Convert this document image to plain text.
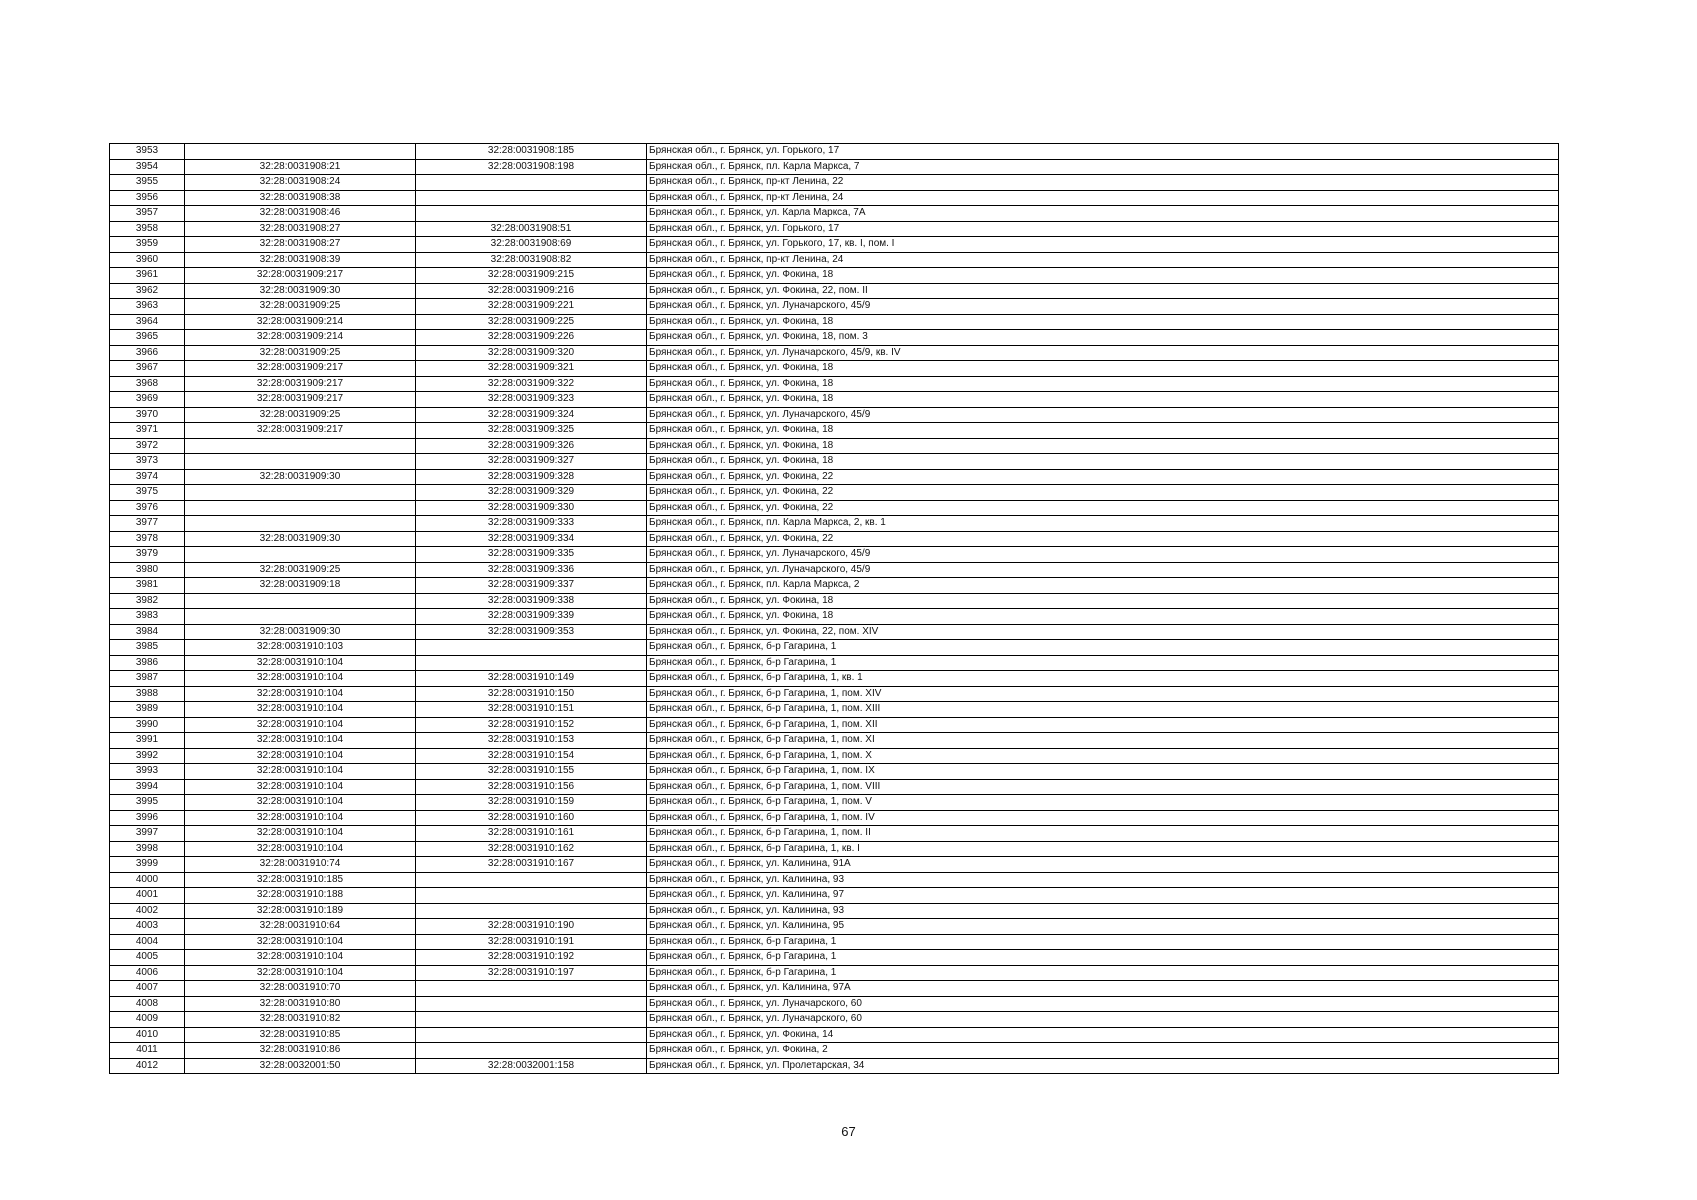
3953		32:28:0031908:185	Брянская обл., г. Брянск, ул. Горького, 17
3954	32:28:0031908:21	32:28:0031908:198	Брянская обл., г. Брянск, пл. Карла Маркса, 7
3955	32:28:0031908:24		Брянская обл., г. Брянск, пр-кт Ленина, 22
3956	32:28:0031908:38		Брянская обл., г. Брянск, пр-кт Ленина, 24
3957	32:28:0031908:46		Брянская обл., г. Брянск, ул. Карла Маркса, 7А
3958	32:28:0031908:27	32:28:0031908:51	Брянская обл., г. Брянск, ул. Горького, 17
3959	32:28:0031908:27	32:28:0031908:69	Брянская обл., г. Брянск, ул. Горького, 17, кв. I, пом. I
3960	32:28:0031908:39	32:28:0031908:82	Брянская обл., г. Брянск, пр-кт Ленина, 24
3961	32:28:0031909:217	32:28:0031909:215	Брянская обл., г. Брянск, ул. Фокина, 18
3962	32:28:0031909:30	32:28:0031909:216	Брянская обл., г. Брянск, ул. Фокина, 22, пом. II
3963	32:28:0031909:25	32:28:0031909:221	Брянская обл., г. Брянск, ул. Луначарского, 45/9
3964	32:28:0031909:214	32:28:0031909:225	Брянская обл., г. Брянск, ул. Фокина, 18
3965	32:28:0031909:214	32:28:0031909:226	Брянская обл., г. Брянск, ул. Фокина, 18, пом. 3
3966	32:28:0031909:25	32:28:0031909:320	Брянская обл., г. Брянск, ул. Луначарского, 45/9, кв. IV
3967	32:28:0031909:217	32:28:0031909:321	Брянская обл., г. Брянск, ул. Фокина, 18
3968	32:28:0031909:217	32:28:0031909:322	Брянская обл., г. Брянск, ул. Фокина, 18
3969	32:28:0031909:217	32:28:0031909:323	Брянская обл., г. Брянск, ул. Фокина, 18
3970	32:28:0031909:25	32:28:0031909:324	Брянская обл., г. Брянск, ул. Луначарского, 45/9
3971	32:28:0031909:217	32:28:0031909:325	Брянская обл., г. Брянск, ул. Фокина, 18
3972		32:28:0031909:326	Брянская обл., г. Брянск, ул. Фокина, 18
3973		32:28:0031909:327	Брянская обл., г. Брянск, ул. Фокина, 18
3974	32:28:0031909:30	32:28:0031909:328	Брянская обл., г. Брянск, ул. Фокина, 22
3975		32:28:0031909:329	Брянская обл., г. Брянск, ул. Фокина, 22
3976		32:28:0031909:330	Брянская обл., г. Брянск, ул. Фокина, 22
3977		32:28:0031909:333	Брянская обл., г. Брянск, пл. Карла Маркса, 2, кв. 1
3978	32:28:0031909:30	32:28:0031909:334	Брянская обл., г. Брянск, ул. Фокина, 22
3979		32:28:0031909:335	Брянская обл., г. Брянск, ул. Луначарского, 45/9
3980	32:28:0031909:25	32:28:0031909:336	Брянская обл., г. Брянск, ул. Луначарского, 45/9
3981	32:28:0031909:18	32:28:0031909:337	Брянская обл., г. Брянск, пл. Карла Маркса, 2
3982		32:28:0031909:338	Брянская обл., г. Брянск, ул. Фокина, 18
3983		32:28:0031909:339	Брянская обл., г. Брянск, ул. Фокина, 18
3984	32:28:0031909:30	32:28:0031909:353	Брянская обл., г. Брянск, ул. Фокина, 22, пом. XIV
3985	32:28:0031910:103		Брянская обл., г. Брянск, б-р Гагарина, 1
3986	32:28:0031910:104		Брянская обл., г. Брянск, б-р Гагарина, 1
3987	32:28:0031910:104	32:28:0031910:149	Брянская обл., г. Брянск, б-р Гагарина, 1, кв. 1
3988	32:28:0031910:104	32:28:0031910:150	Брянская обл., г. Брянск, б-р Гагарина, 1, пом. XIV
3989	32:28:0031910:104	32:28:0031910:151	Брянская обл., г. Брянск, б-р Гагарина, 1, пом. XIII
3990	32:28:0031910:104	32:28:0031910:152	Брянская обл., г. Брянск, б-р Гагарина, 1, пом. XII
3991	32:28:0031910:104	32:28:0031910:153	Брянская обл., г. Брянск, б-р Гагарина, 1, пом. XI
3992	32:28:0031910:104	32:28:0031910:154	Брянская обл., г. Брянск, б-р Гагарина, 1, пом. X
3993	32:28:0031910:104	32:28:0031910:155	Брянская обл., г. Брянск, б-р Гагарина, 1, пом. IX
3994	32:28:0031910:104	32:28:0031910:156	Брянская обл., г. Брянск, б-р Гагарина, 1, пом. VIII
3995	32:28:0031910:104	32:28:0031910:159	Брянская обл., г. Брянск, б-р Гагарина, 1, пом. V
3996	32:28:0031910:104	32:28:0031910:160	Брянская обл., г. Брянск, б-р Гагарина, 1, пом. IV
3997	32:28:0031910:104	32:28:0031910:161	Брянская обл., г. Брянск, б-р Гагарина, 1, пом. II
3998	32:28:0031910:104	32:28:0031910:162	Брянская обл., г. Брянск, б-р Гагарина, 1, кв. I
3999	32:28:0031910:74	32:28:0031910:167	Брянская обл., г. Брянск, ул. Калинина, 91А
4000	32:28:0031910:185		Брянская обл., г. Брянск, ул. Калинина, 93
4001	32:28:0031910:188		Брянская обл., г. Брянск, ул. Калинина, 97
4002	32:28:0031910:189		Брянская обл., г. Брянск, ул. Калинина, 93
4003	32:28:0031910:64	32:28:0031910:190	Брянская обл., г. Брянск, ул. Калинина, 95
4004	32:28:0031910:104	32:28:0031910:191	Брянская обл., г. Брянск, б-р Гагарина, 1
4005	32:28:0031910:104	32:28:0031910:192	Брянская обл., г. Брянск, б-р Гагарина, 1
4006	32:28:0031910:104	32:28:0031910:197	Брянская обл., г. Брянск, б-р Гагарина, 1
4007	32:28:0031910:70		Брянская обл., г. Брянск, ул. Калинина, 97А
4008	32:28:0031910:80		Брянская обл., г. Брянск, ул. Луначарского, 60
4009	32:28:0031910:82		Брянская обл., г. Брянск, ул. Луначарского, 60
4010	32:28:0031910:85		Брянская обл., г. Брянск, ул. Фокина, 14
4011	32:28:0031910:86		Брянская обл., г. Брянск, ул. Фокина, 2
4012	32:28:0032001:50	32:28:0032001:158	Брянская обл., г. Брянск, ул. Пролетарская, 34
67
